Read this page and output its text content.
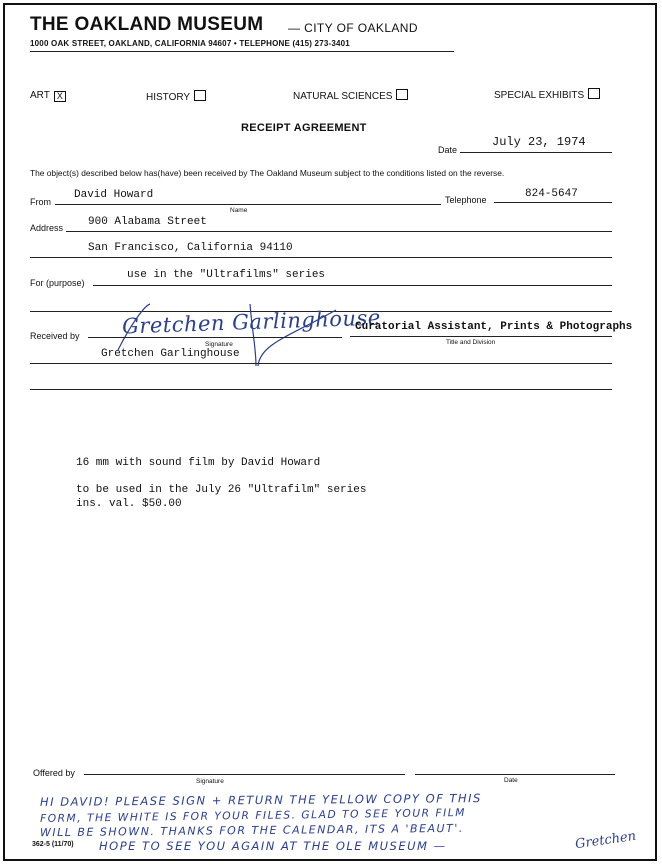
THE OAKLAND MUSEUM — CITY OF OAKLAND
1000 OAK STREET, OAKLAND, CALIFORNIA 94607 • TELEPHONE (415) 273-3401
ART X	HISTORY	NATURAL SCIENCES	SPECIAL EXHIBITS
RECEIPT AGREEMENT
July 23, 1974
Date
The object(s) described below has(have) been received by The Oakland Museum subject to the conditions listed on the reverse.
From
David Howard
Name
Telephone	824-5647
Address 900 Alabama Street
San Francisco, California 94110
For (purpose)
use in the "Ultrafilms" series
Received by Gretchen Garlinghouse
Signature
Gretchen Garlinghouse
Curatorial Assistant, Prints & Photographs
Title and Division
16 mm with sound film by David Howard
to be used in the July 26 "Ultrafilm" series
ins. val. $50.00
Offered by
Signature	Date
HI DAVID! PLEASE SIGN + RETURN THE YELLOW COPY OF THIS
FORM, THE WHITE IS FOR YOUR FILES. GLAD TO SEE YOUR FILM
WILL BE SHOWN. THANKS FOR THE CALENDAR, ITS A 'BEAUT'.
HOPE TO SEE YOU AGAIN AT THE OLE MUSEUM —	Gretchen
362-5 (11/70)
